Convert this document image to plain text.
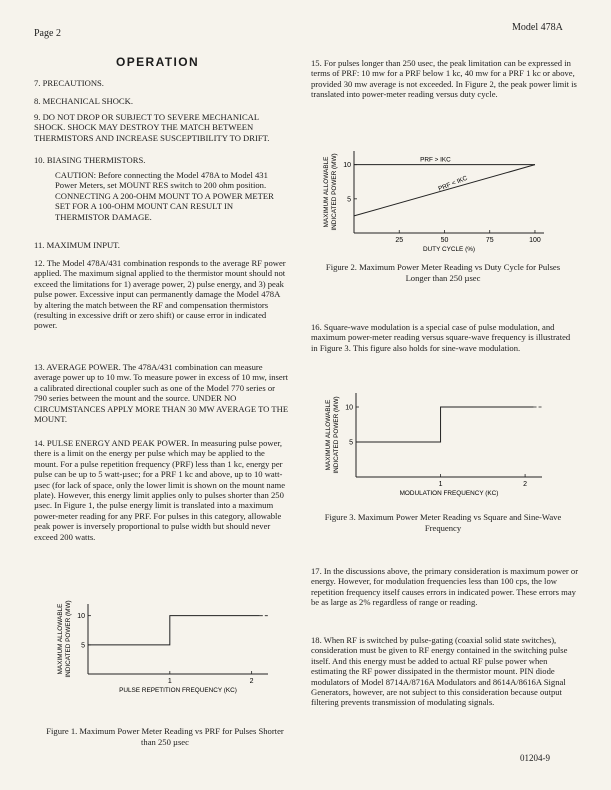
Page 2
Model 478A
OPERATION
7. PRECAUTIONS.
8. MECHANICAL SHOCK.
9. DO NOT DROP OR SUBJECT TO SEVERE MECHANICAL SHOCK. SHOCK MAY DESTROY THE MATCH BETWEEN THERMISTORS AND INCREASE SUSCEPTIBILITY TO DRIFT.
10. BIASING THERMISTORS.
CAUTION: Before connecting the Model 478A to Model 431 Power Meters, set MOUNT RES switch to 200 ohm position. CONNECTING A 200-OHM MOUNT TO A POWER METER SET FOR A 100-OHM MOUNT CAN RESULT IN THERMISTOR DAMAGE.
11. MAXIMUM INPUT.
12. The Model 478A/431 combination responds to the average RF power applied. The maximum signal applied to the thermistor mount should not exceed the limitations for 1) average power, 2) pulse energy, and 3) peak pulse power. Excessive input can permanently damage the Model 478A by altering the match between the RF and compensation thermistors (resulting in excessive drift or zero shift) or cause error in indicated power.
13. AVERAGE POWER. The 478A/431 combination can measure average power up to 10 mw. To measure power in excess of 10 mw, insert a calibrated directional coupler such as one of the Model 770 series or 790 series between the mount and the source. UNDER NO CIRCUMSTANCES APPLY MORE THAN 30 MW AVERAGE TO THE MOUNT.
14. PULSE ENERGY AND PEAK POWER. In measuring pulse power, there is a limit on the energy per pulse which may be applied to the mount. For a pulse repetition frequency (PRF) less than 1 kc, energy per pulse can be up to 5 watt-µsec; for a PRF 1 kc and above, up to 10 watt-µsec (for lack of space, only the lower limit is shown on the mount name plate). However, this energy limit applies only to pulses shorter than 250 µsec. In Figure 1, the pulse energy limit is translated into a maximum power-meter reading for any PRF. For pulses in this category, allowable peak power is inversely proportional to pulse width but should never exceed 200 watts.
MAXIMUM ALLOWABLE INDICATED POWER (MW) 10
5
1	2
PULSE REPETITION FREQUENCY (KC)
Figure 1. Maximum Power Meter Reading vs PRF for Pulses Shorter than 250 µsec
15. For pulses longer than 250 usec, the peak limitation can be expressed in terms of PRF: 10 mw for a PRF below 1 kc, 40 mw for a PRF 1 kc or above, provided 30 mw average is not exceeded. In Figure 2, the peak power limit is translated into power-meter reading versus duty cycle.
MAXIMUM ALLOWABLE INDICATED POWER (MW) 10
5
25	50	75	100
DUTY CYCLE (%)
PRF > IKC
PRF < IKC
Figure 2. Maximum Power Meter Reading vs Duty Cycle for Pulses Longer than 250 µsec
16. Square-wave modulation is a special case of pulse modulation, and maximum power-meter reading versus square-wave frequency is illustrated in Figure 3. This figure also holds for sine-wave modulation.
MAXIMUM ALLOWABLE INDICATED POWER (MW) 10
5
1	2
MODULATION FREQUENCY (KC)
Figure 3. Maximum Power Meter Reading vs Square and Sine-Wave Frequency
17. In the discussions above, the primary consideration is maximum power or energy. However, for modulation frequencies less than 100 cps, the low repetition frequency itself causes errors in indicated power. These errors may be as large as 2% regardless of range or reading.
18. When RF is switched by pulse-gating (coaxial solid state switches), consideration must be given to RF energy contained in the switching pulse itself. And this energy must be added to actual RF pulse power when estimating the RF power dissipated in the thermistor mount. PIN diode modulators of Model 8714A/8716A Modulators and 8614A/8616A Signal Generators, however, are not subject to this consideration because output filtering prevents transmission of modulating signals.
01204-9
